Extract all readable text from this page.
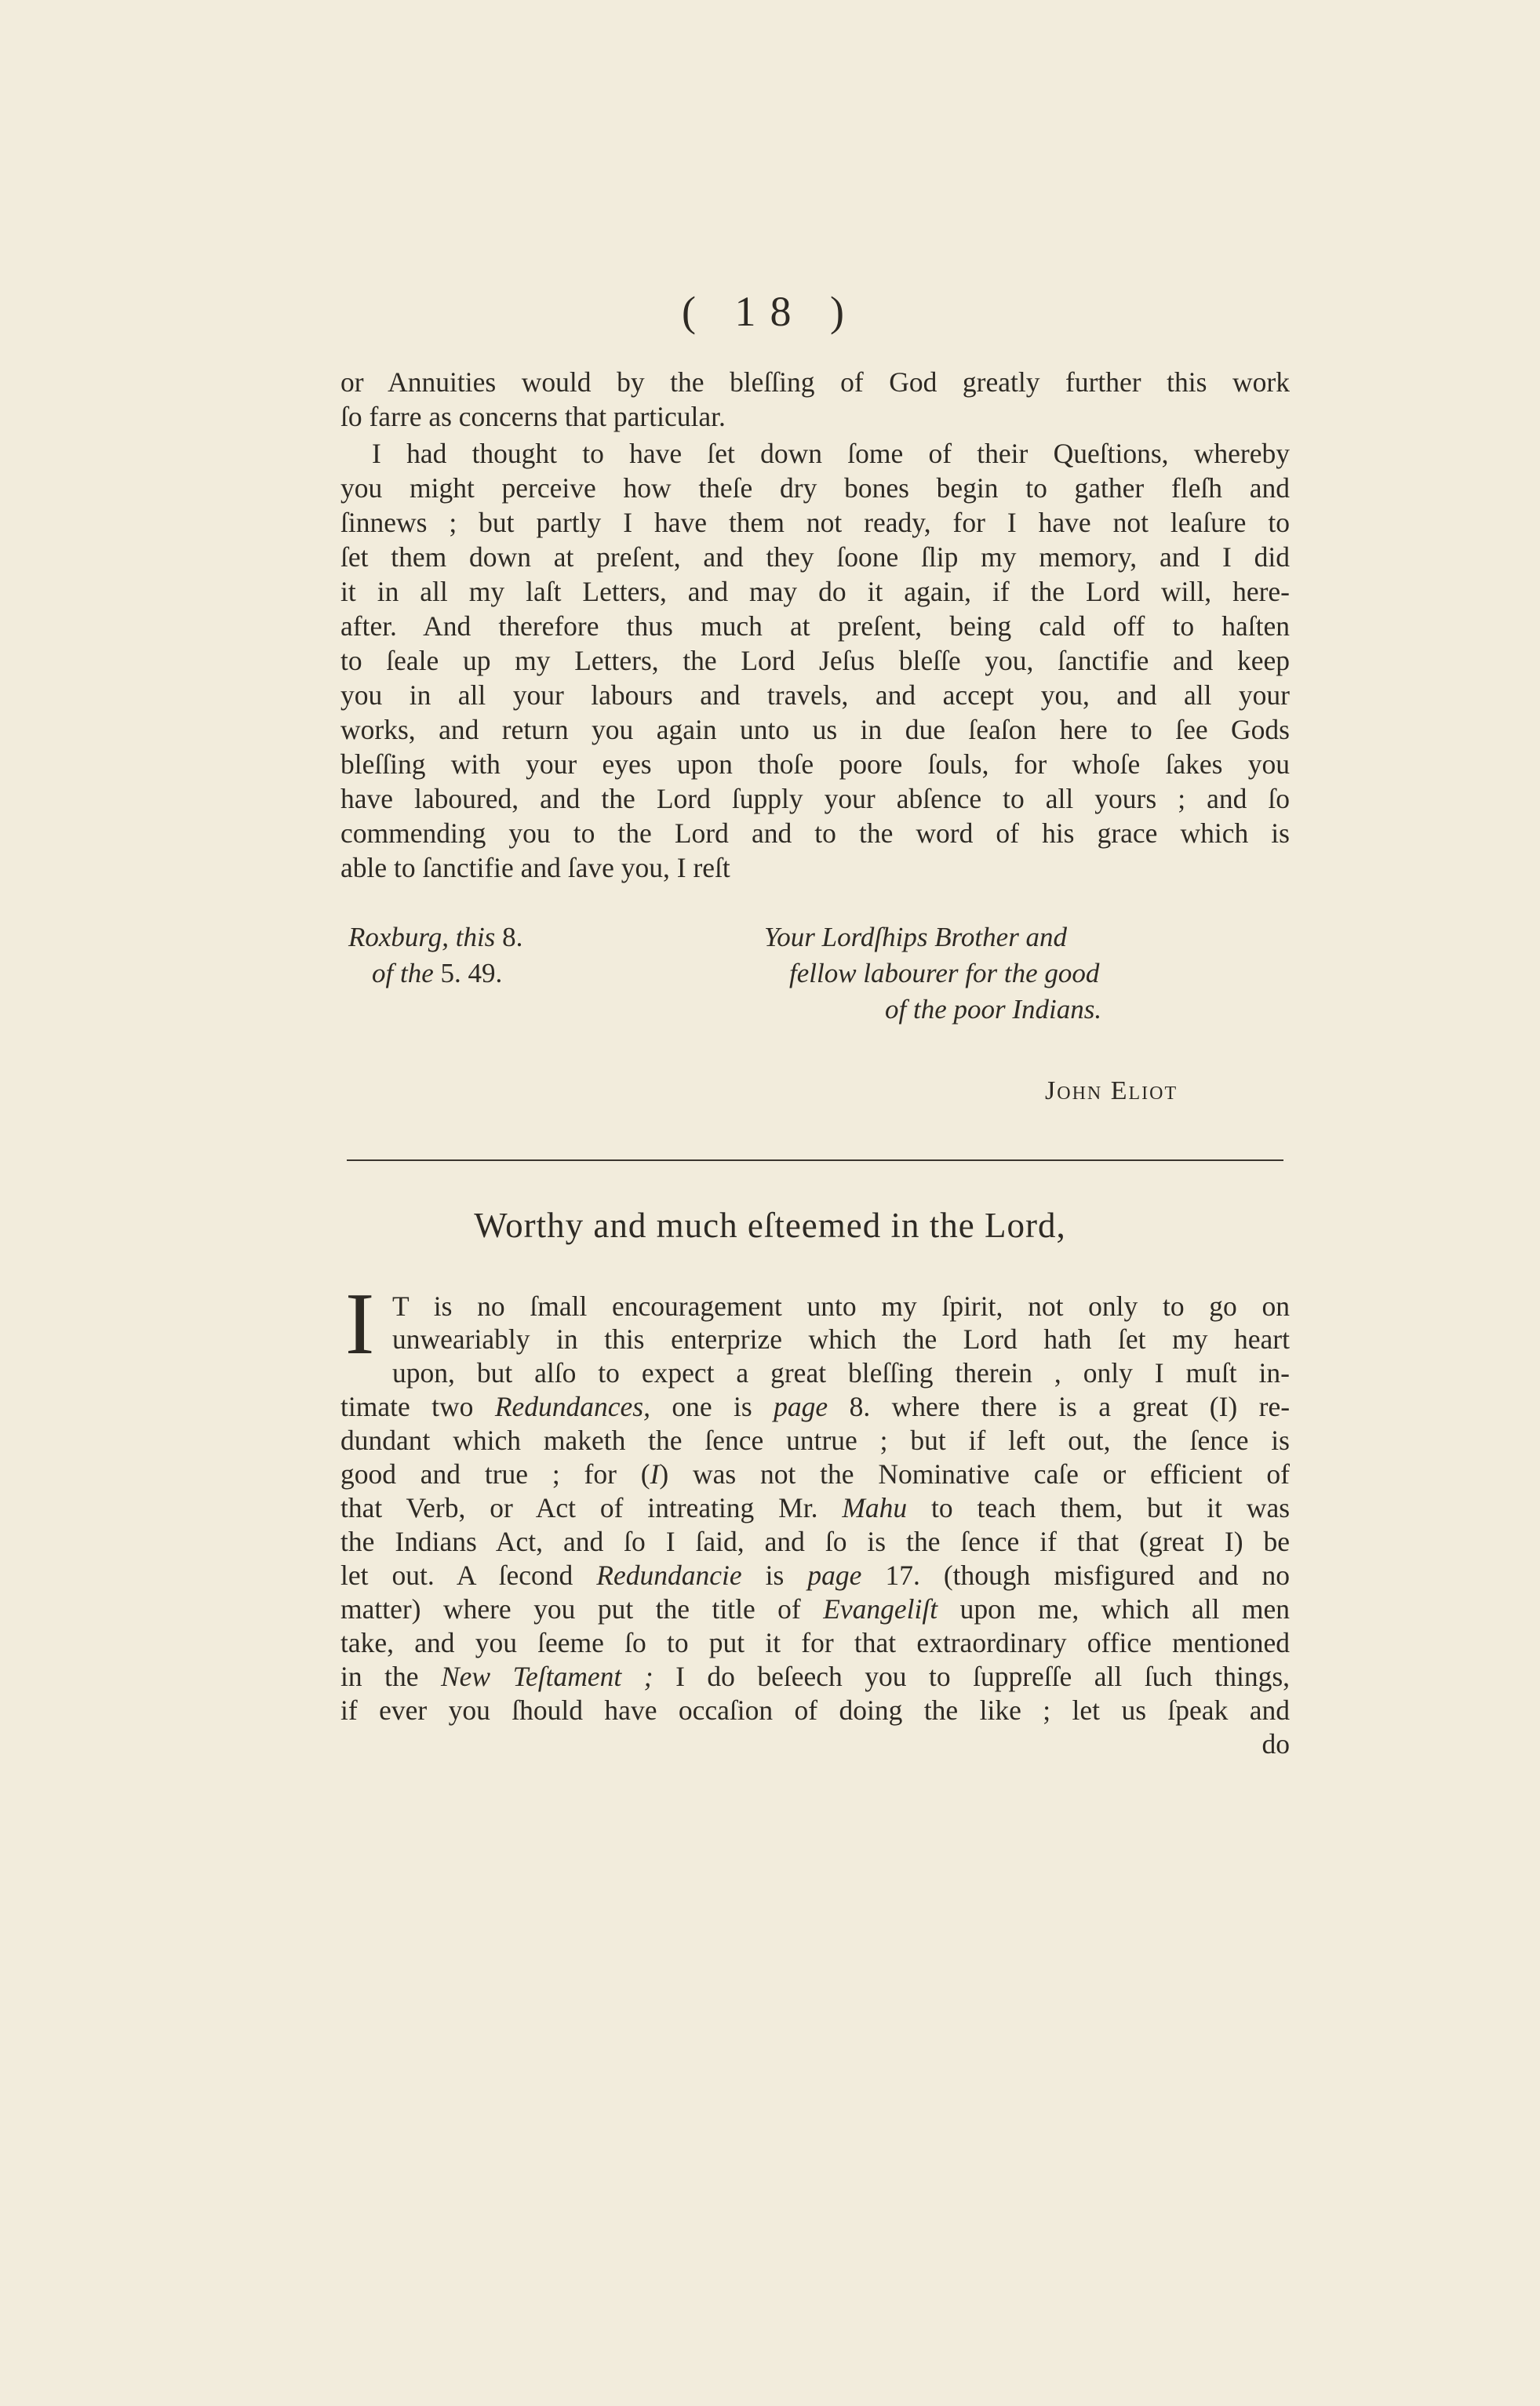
( 18 )
or Annuities would by the bleſſing of God greatly further this work
ſo farre as concerns that particular.
I had thought to have ſet down ſome of their Queſtions, whereby
you might perceive how theſe dry bones begin to gather fleſh and
ſinnews ; but partly I have them not ready, for I have not leaſure to
ſet them down at preſent, and they ſoone ſlip my memory, and I did
it in all my laſt Letters, and may do it again, if the Lord will, here-
after. And therefore thus much at preſent, being cald off to haſten
to ſeale up my Letters, the Lord Jeſus bleſſe you, ſanctifie and keep
you in all your labours and travels, and accept you, and all your
works, and return you again unto us in due ſeaſon here to ſee Gods
bleſſing with your eyes upon thoſe poore ſouls, for whoſe ſakes you
have laboured, and the Lord ſupply your abſence to all yours ; and ſo
commending you to the Lord and to the word of his grace which is
able to ſanctifie and ſave you, I reſt
Roxburg, this 8.
of the 5. 49.
Your Lordſhips Brother and
fellow labourer for the good
of the poor Indians.
John Eliot
Worthy and much eſteemed in the Lord,
I T is no ſmall encouragement unto my ſpirit, not only to go on
unweariably in this enterprize which the Lord hath ſet my heart
upon, but alſo to expect a great bleſſing therein , only I muſt in-
timate two Redundances, one is page 8. where there is a great (I) re-
dundant which maketh the ſence untrue ; but if left out, the ſence is
good and true ; for (I) was not the Nominative caſe or efficient of
that Verb, or Act of intreating Mr. Mahu to teach them, but it was
the Indians Act, and ſo I ſaid, and ſo is the ſence if that (great I) be
let out. A ſecond Redundancie is page 17. (though misfigured and no
matter) where you put the title of Evangeliſt upon me, which all men
take, and you ſeeme ſo to put it for that extraordinary office mentioned
in the New Teſtament ; I do beſeech you to ſuppreſſe all ſuch things,
if ever you ſhould have occaſion of doing the like ; let us ſpeak and
do
